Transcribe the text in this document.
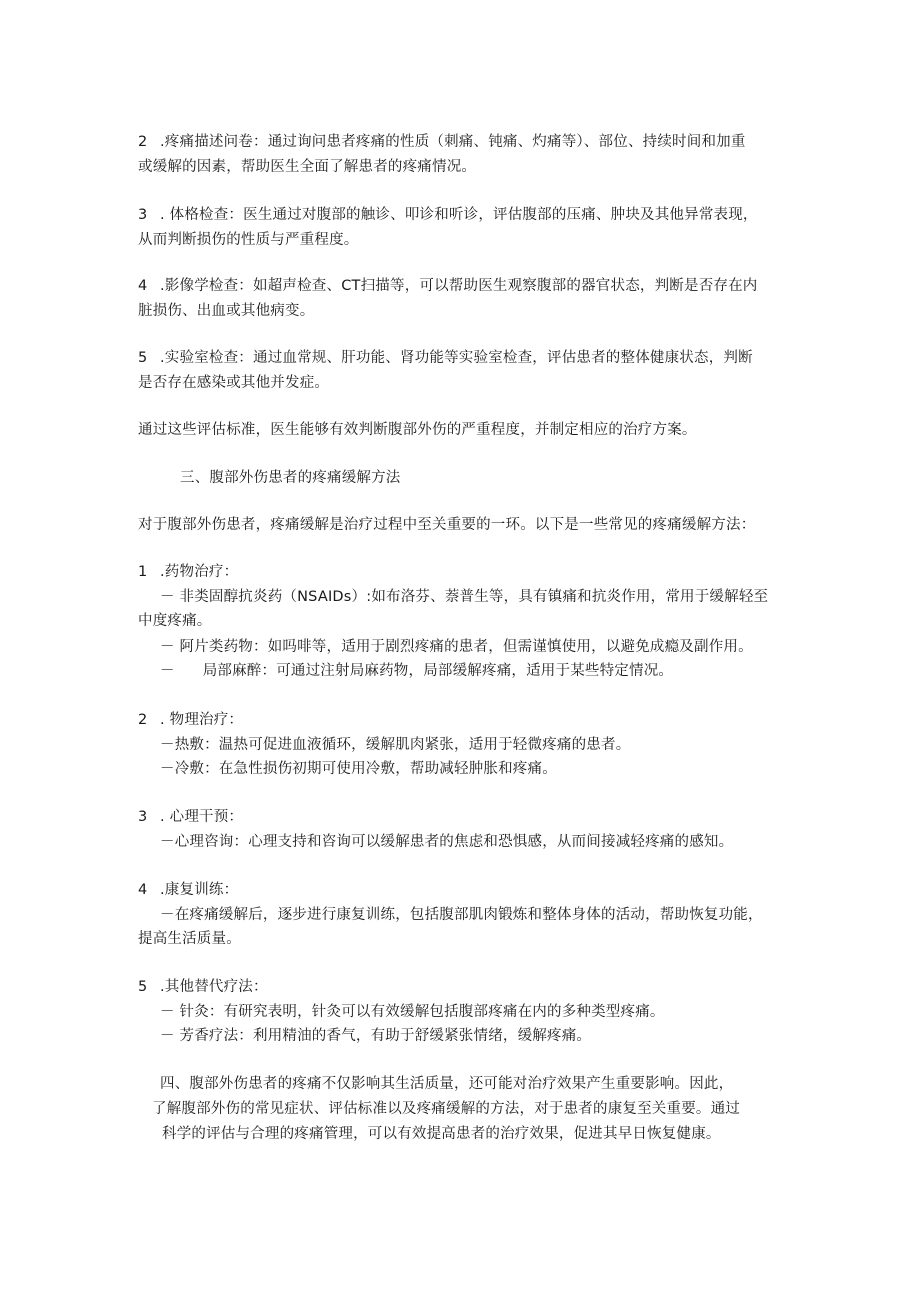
2 .疼痛描述问卷：通过询问患者疼痛的性质（刺痛、钝痛、灼痛等）、部位、持续时间和加重
或缓解的因素，帮助医生全面了解患者的疼痛情况。
3 . 体格检查：医生通过对腹部的触诊、叩诊和听诊，评估腹部的压痛、肿块及其他异常表现，
从而判断损伤的性质与严重程度。
4 .影像学检查：如超声检查、CT扫描等，可以帮助医生观察腹部的器官状态，判断是否存在内
脏损伤、出血或其他病变。
5 .实验室检查：通过血常规、肝功能、肾功能等实验室检查，评估患者的整体健康状态，判断
是否存在感染或其他并发症。
通过这些评估标准，医生能够有效判断腹部外伤的严重程度，并制定相应的治疗方案。
三、腹部外伤患者的疼痛缓解方法
对于腹部外伤患者，疼痛缓解是治疗过程中至关重要的一环。以下是一些常见的疼痛缓解方法：
1 .药物治疗：
－ 非类固醇抗炎药（NSAIDs）:如布洛芬、萘普生等，具有镇痛和抗炎作用，常用于缓解轻至
中度疼痛。
－ 阿片类药物：如吗啡等，适用于剧烈疼痛的患者，但需谨慎使用，以避免成瘾及副作用。
－ 局部麻醉：可通过注射局麻药物，局部缓解疼痛，适用于某些特定情况。
2 . 物理治疗：
－热敷：温热可促进血液循环，缓解肌肉紧张，适用于轻微疼痛的患者。
－冷敷：在急性损伤初期可使用冷敷，帮助减轻肿胀和疼痛。
3 . 心理干预：
－心理咨询：心理支持和咨询可以缓解患者的焦虑和恐惧感，从而间接减轻疼痛的感知。
4 .康复训练：
－在疼痛缓解后，逐步进行康复训练，包括腹部肌肉锻炼和整体身体的活动，帮助恢复功能，
提高生活质量。
5 .其他替代疗法：
－ 针灸：有研究表明，针灸可以有效缓解包括腹部疼痛在内的多种类型疼痛。
－ 芳香疗法：利用精油的香气，有助于舒缓紧张情绪，缓解疼痛。
四、腹部外伤患者的疼痛不仅影响其生活质量，还可能对治疗效果产生重要影响。因此，
了解腹部外伤的常见症状、评估标准以及疼痛缓解的方法，对于患者的康复至关重要。通过
科学的评估与合理的疼痛管理，可以有效提高患者的治疗效果，促进其早日恢复健康。
